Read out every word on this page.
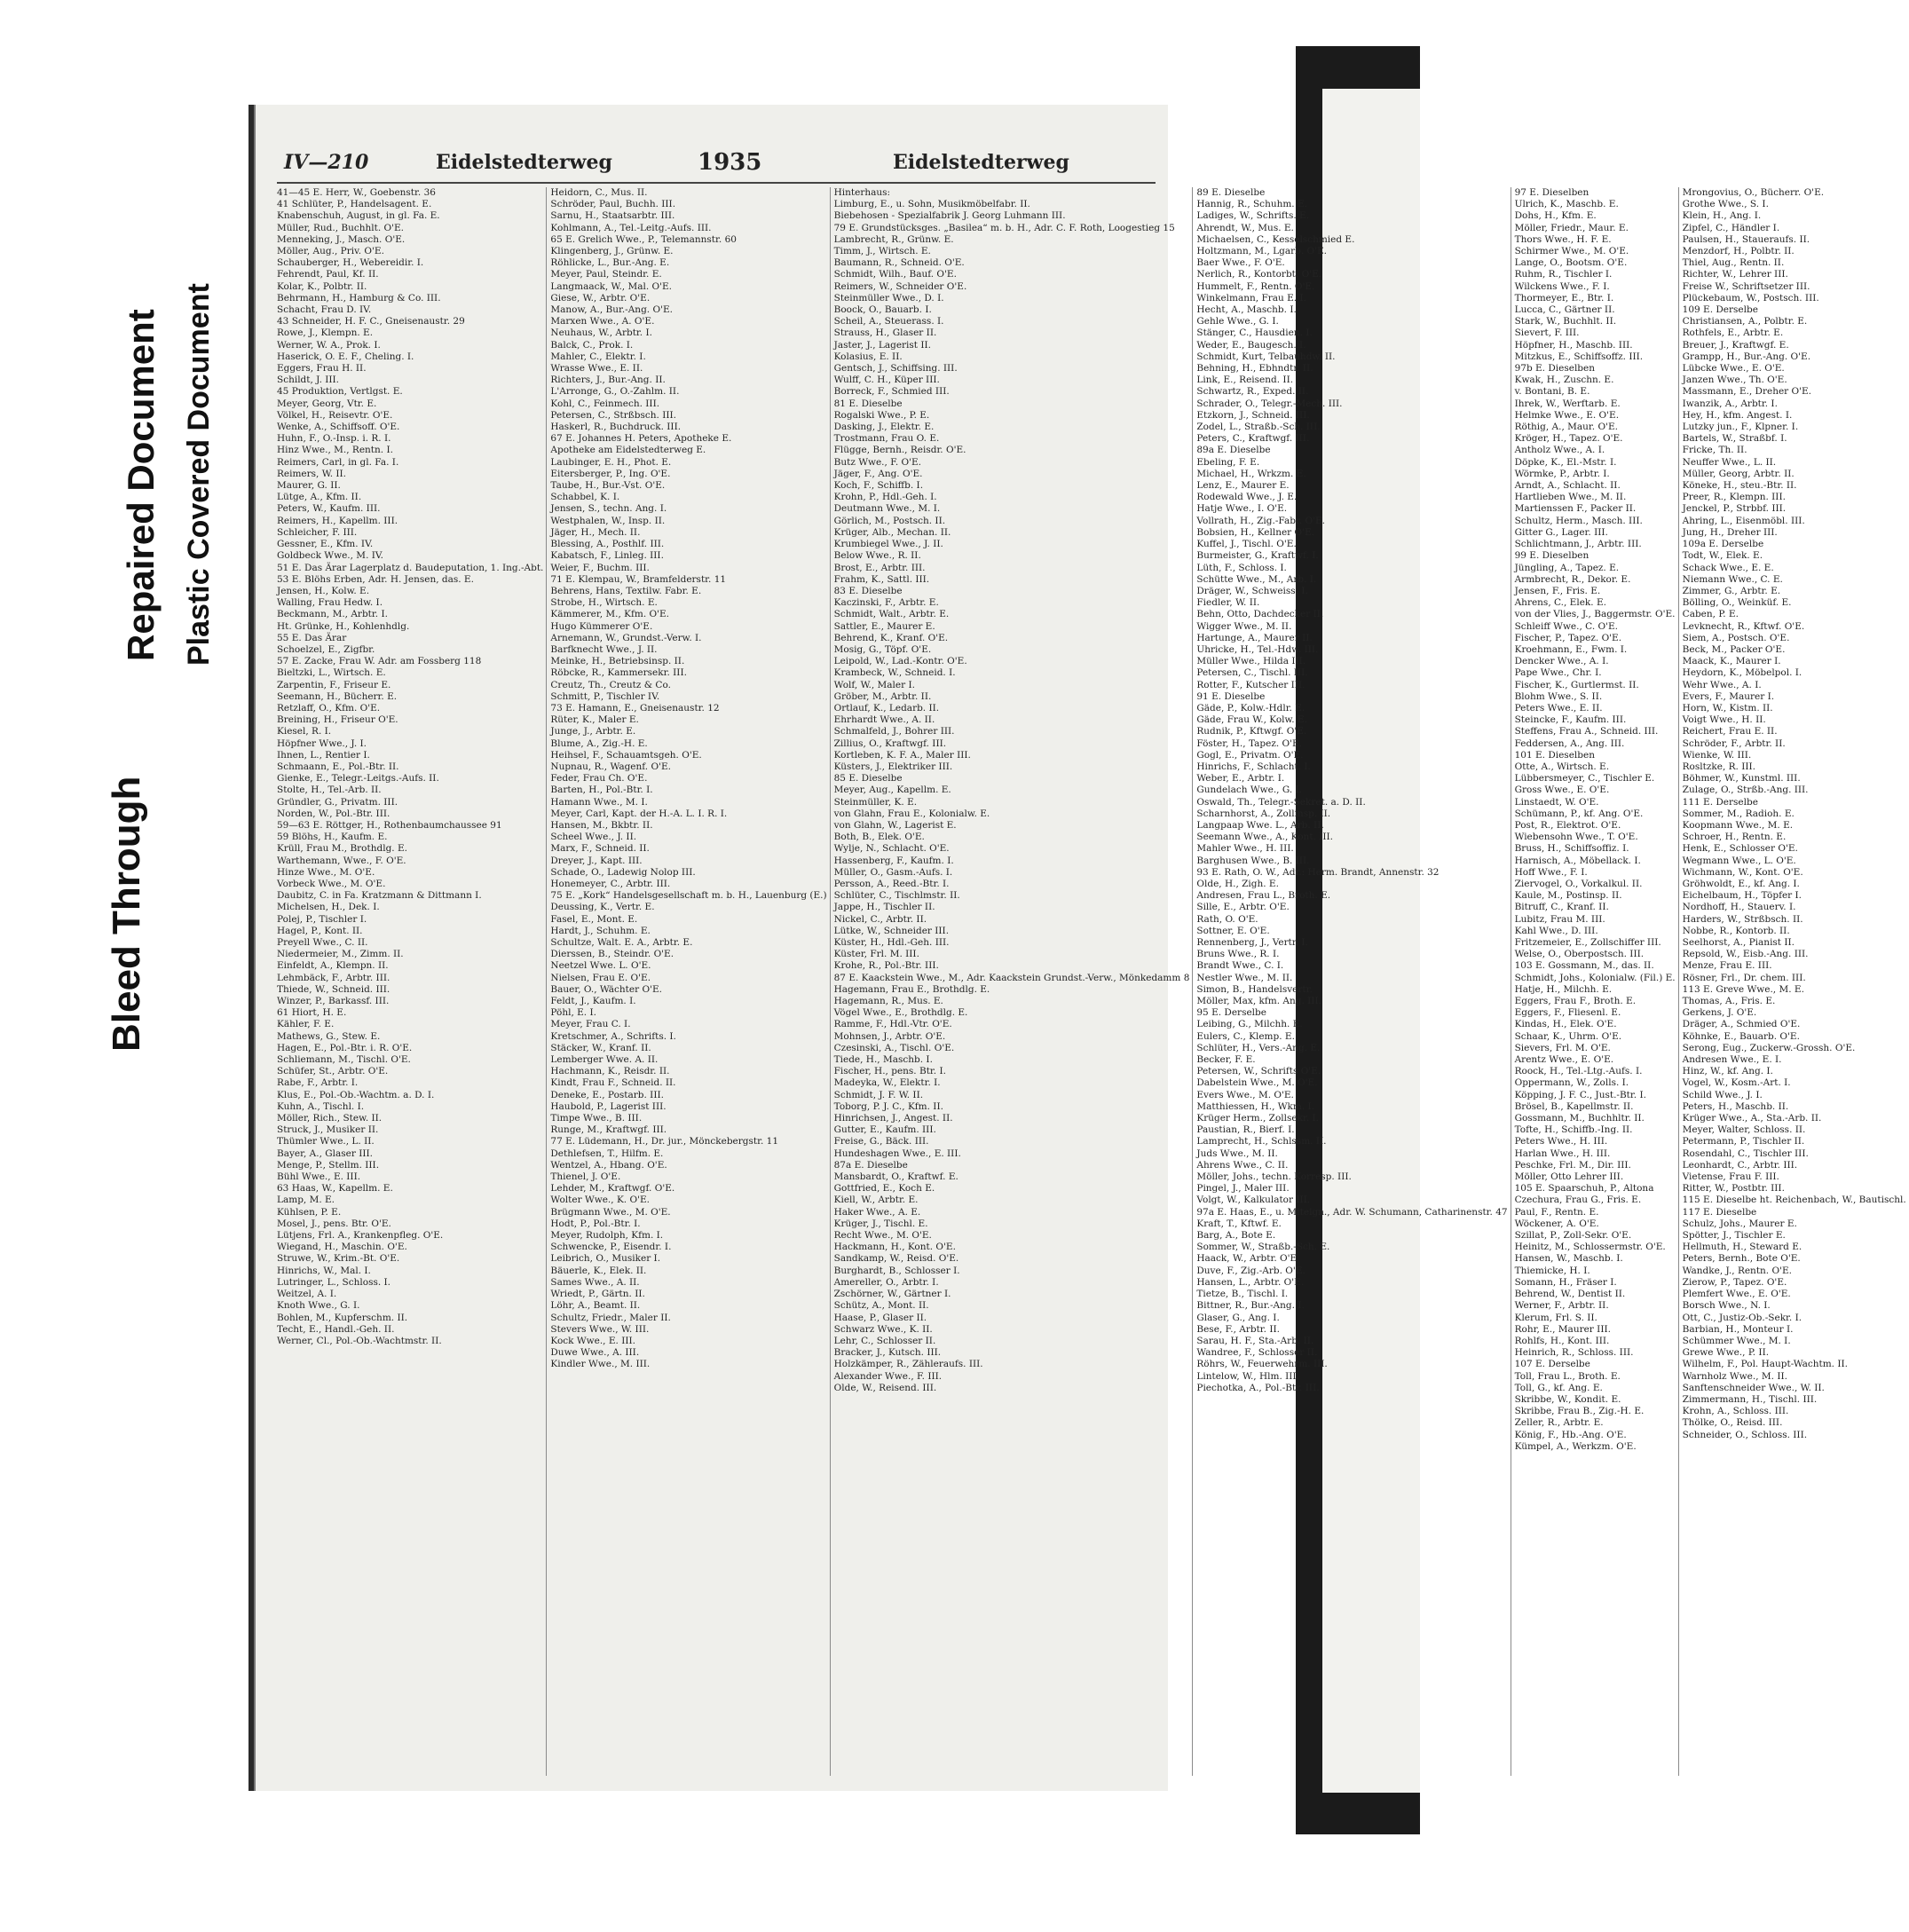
Bleed Through
Repaired Document Plastic Covered Document
IV—210	Eidelstedterweg	1935	Eidelstedterweg

41—45 E. Herr, W., Goebenstr. 36

41 Schlüter, P., Handelsagent. E.

Knabenschuh, August, in gl. Fa. E.

Müller, Rud., Buchhlt. O'E.

Menneking, J., Masch. O'E.

Möller, Aug., Priv. O'E.

Schauberger, H., Webereidir. I.

Fehrendt, Paul, Kf. II.

Kolar, K., Polbtr. II.

Behrmann, H., Hamburg & Co. III.

Schacht, Frau D. IV.

43 Schneider, H. F. C., Gneisenaustr. 29

Rowe, J., Klempn. E.

Werner, W. A., Prok. I.

Haserick, O. E. F., Cheling. I.

Eggers, Frau H. II.

Schildt, J. III.

45 Produktion, Vertlgst. E.

Meyer, Georg, Vtr. E.

Völkel, H., Reisevtr. O'E.

Wenke, A., Schiffsoff. O'E.

Huhn, F., O.-Insp. i. R. I.

Hinz Wwe., M., Rentn. I.

Reimers, Carl, in gl. Fa. I.

Reimers, W. II.

Maurer, G. II.

Lütge, A., Kfm. II.

Peters, W., Kaufm. III.

Reimers, H., Kapellm. III.

Schleicher, F. III.

Gessner, E., Kfm. IV.

Goldbeck Wwe., M. IV.

51 E. Das Ärar Lagerplatz d. Baudeputation, 1. Ing.-Abt.

53 E. Blöhs Erben, Adr. H. Jensen, das. E.

Jensen, H., Kolw. E.

Walling, Frau Hedw. I.

Beckmann, M., Arbtr. I.

Ht. Grünke, H., Kohlenhdlg.

55 E. Das Ärar

Schoelzel, E., Zigfbr.

57 E. Zacke, Frau W. Adr. am Fossberg 118

Bieltzki, L., Wirtsch. E.

Zarpentin, F., Friseur E.

Seemann, H., Bücherr. E.

Retzlaff, O., Kfm. O'E.

Breining, H., Friseur O'E.

Kiesel, R. I.

Höpfner Wwe., J. I.

Ihnen, L., Rentier I.

Schmaann, E., Pol.-Btr. II.

Gienke, E., Telegr.-Leitgs.-Aufs. II.

Stolte, H., Tel.-Arb. II.

Gründler, G., Privatm. III.

Norden, W., Pol.-Btr. III.

59—63 E. Röttger, H., Rothenbaumchaussee 91

59 Blöhs, H., Kaufm. E.

Krüll, Frau M., Brothdlg. E.

Warthemann, Wwe., F. O'E.

Hinze Wwe., M. O'E.

Vorbeck Wwe., M. O'E.

Daubitz, C. in Fa. Kratzmann & Dittmann I.

Michelsen, H., Dek. I.

Polej, P., Tischler I.

Hagel, P., Kont. II.

Preyell Wwe., C. II.

Niedermeier, M., Zimm. II.

Einfeldt, A., Klempn. II.

Lehmbäck, F., Arbtr. III.

Thiede, W., Schneid. III.

Winzer, P., Barkassf. III.

61 Hiort, H. E.

Kähler, F. E.

Mathews, G., Stew. E.

Hagen, E., Pol.-Btr. i. R. O'E.

Schliemann, M., Tischl. O'E.

Schüfer, St., Arbtr. O'E.

Rabe, F., Arbtr. I.

Klus, E., Pol.-Ob.-Wachtm. a. D. I.

Kuhn, A., Tischl. I.

Möller, Rich., Stew. II.

Struck, J., Musiker II.

Thümler Wwe., L. II.

Bayer, A., Glaser III.

Menge, P., Stellm. III.

Bühl Wwe., E. III.

63 Haas, W., Kapellm. E.

Lamp, M. E.

Kühlsen, P. E.

Mosel, J., pens. Btr. O'E.

Lütjens, Frl. A., Krankenpfleg. O'E.

Wiegand, H., Maschin. O'E.

Struwe, W., Krim.-Bt. O'E.

Hinrichs, W., Mal. I.

Lutringer, L., Schloss. I.

Weitzel, A. I.

Knoth Wwe., G. I.

Bohlen, M., Kupferschm. II.

Techt, E., Handl.-Geh. II.

Werner, Cl., Pol.-Ob.-Wachtmstr. II.

Heidorn, C., Mus. II.

Schröder, Paul, Buchh. III.

Sarnu, H., Staatsarbtr. III.

Kohlmann, A., Tel.-Leitg.-Aufs. III.

65 E. Grelich Wwe., P., Telemannstr. 60

Klingenberg, J., Grünw. E.

Röhlicke, L., Bur.-Ang. E.

Meyer, Paul, Steindr. E.

Langmaack, W., Mal. O'E.

Giese, W., Arbtr. O'E.

Manow, A., Bur.-Ang. O'E.

Marxen Wwe., A. O'E.

Neuhaus, W., Arbtr. I.

Balck, C., Prok. I.

Mahler, C., Elektr. I.

Wrasse Wwe., E. II.

Richters, J., Bur.-Ang. II.

L'Arronge, G., O.-Zahlm. II.

Kohl, C., Feinmech. III.

Petersen, C., Strßbsch. III.

Haskerl, R., Buchdruck. III.

67 E. Johannes H. Peters, Apotheke E.

Apotheke am Eidelstedterweg E.

Laubinger, E. H., Phot. E.

Eitersberger, P., Ing. O'E.

Taube, H., Bur.-Vst. O'E.

Schabbel, K. I.

Jensen, S., techn. Ang. I.

Westphalen, W., Insp. II.

Jäger, H., Mech. II.

Blessing, A., Posthlf. III.

Kabatsch, F., Linleg. III.

Weier, F., Buchm. III.

71 E. Klempau, W., Bramfelderstr. 11

Behrens, Hans, Textilw. Fabr. E.

Strobe, H., Wirtsch. E.

Kämmerer, M., Kfm. O'E.

Hugo Kümmerer O'E.

Arnemann, W., Grundst.-Verw. I.

Barfknecht Wwe., J. II.

Meinke, H., Betriebsinsp. II.

Röbcke, R., Kammersekr. III.

Creutz, Th., Creutz & Co.

Schmitt, P., Tischler IV.

73 E. Hamann, E., Gneisenaustr. 12

Rüter, K., Maler E.

Junge, J., Arbtr. E.

Blume, A., Zig.-H. E.

Heihsel, F., Schauamtsgeh. O'E.

Nupnau, R., Wagenf. O'E.

Feder, Frau Ch. O'E.

Barten, H., Pol.-Btr. I.

Hamann Wwe., M. I.

Meyer, Carl, Kapt. der H.-A. L. I. R. I.

Hansen, M., Bkbtr. II.

Scheel Wwe., J. II.

Marx, F., Schneid. II.

Dreyer, J., Kapt. III.

Schade, O., Ladewig Nolop III.

Honemeyer, C., Arbtr. III.

75 E. „Kork“ Handelsgesellschaft m. b. H., Lauenburg (E.)

Deussing, K., Vertr. E.

Fasel, E., Mont. E.

Hardt, J., Schuhm. E.

Schultze, Walt. E. A., Arbtr. E.

Dierssen, B., Steindr. O'E.

Neetzel Wwe. L. O'E.

Nielsen, Frau E. O'E.

Bauer, O., Wächter O'E.

Feldt, J., Kaufm. I.

Pöhl, E. I.

Meyer, Frau C. I.

Kretschmer, A., Schrifts. I.

Stäcker, W., Kranf. II.

Lemberger Wwe. A. II.

Hachmann, K., Reisdr. II.

Kindt, Frau F., Schneid. II.

Deneke, E., Postarb. III.

Haubold, P., Lagerist III.

Timpe Wwe., B. III.

Runge, M., Kraftwgf. III.

77 E. Lüdemann, H., Dr. jur., Mönckebergstr. 11

Dethlefsen, T., Hilfm. E.

Wentzel, A., Hbang. O'E.

Thienel, J. O'E.

Lehder, M., Kraftwgf. O'E.

Wolter Wwe., K. O'E.

Brügmann Wwe., M. O'E.

Hodt, P., Pol.-Btr. I.

Meyer, Rudolph, Kfm. I.

Schwencke, P., Eisendr. I.

Leibrich, O., Musiker I.

Bäuerle, K., Elek. II.

Sames Wwe., A. II.

Wriedt, P., Gärtn. II.

Löhr, A., Beamt. II.

Schultz, Friedr., Maler II.

Stevers Wwe., W. III.

Kock Wwe., E. III.

Duwe Wwe., A. III.

Kindler Wwe., M. III.

Hinterhaus:

Limburg, E., u. Sohn, Musikmöbelfabr. II.

Biebehosen - Spezialfabrik J. Georg Luhmann III.

79 E. Grundstücksges. „Basilea“ m. b. H., Adr. C. F. Roth, Loogestieg 15

Lambrecht, R., Grünw. E.

Timm, J., Wirtsch. E.

Baumann, R., Schneid. O'E.

Schmidt, Wilh., Bauf. O'E.

Reimers, W., Schneider O'E.

Steinmüller Wwe., D. I.

Boock, O., Bauarb. I.

Scheil, A., Steuerass. I.

Strauss, H., Glaser II.

Jaster, J., Lagerist II.

Kolasius, E. II.

Gentsch, J., Schiffsing. III.

Wulff, C. H., Küper III.

Borreck, F., Schmied III.

81 E. Dieselbe

Rogalski Wwe., P. E.

Dasking, J., Elektr. E.

Trostmann, Frau O. E.

Flügge, Bernh., Reisdr. O'E.

Butz Wwe., F. O'E.

Jäger, F., Ang. O'E.

Koch, F., Schiffb. I.

Krohn, P., Hdl.-Geh. I.

Deutmann Wwe., M. I.

Görlich, M., Postsch. II.

Krüger, Alb., Mechan. II.

Krumbiegel Wwe., J. II.

Below Wwe., R. II.

Brost, E., Arbtr. III.

Frahm, K., Sattl. III.

83 E. Dieselbe

Kaczinski, F., Arbtr. E.

Schmidt, Walt., Arbtr. E.

Sattler, E., Maurer E.

Behrend, K., Kranf. O'E.

Mosig, G., Töpf. O'E.

Leipold, W., Lad.-Kontr. O'E.

Krambeck, W., Schneid. I.

Wolf, W., Maler I.

Gröber, M., Arbtr. II.

Ortlauf, K., Ledarb. II.

Ehrhardt Wwe., A. II.

Schmalfeld, J., Bohrer III.

Zillius, O., Kraftwgf. III.

Kortleben, K. F. A., Maler III.

Küsters, J., Elektriker III.

85 E. Dieselbe

Meyer, Aug., Kapellm. E.

Steinmüller, K. E.

von Glahn, Frau E., Kolonialw. E.

von Glahn, W., Lagerist E.

Both, B., Elek. O'E.

Wylje, N., Schlacht. O'E.

Hassenberg, F., Kaufm. I.

Müller, O., Gasm.-Aufs. I.

Persson, A., Reed.-Btr. I.

Schlüter, C., Tischlmstr. II.

Jappe, H., Tischler II.

Nickel, C., Arbtr. II.

Lütke, W., Schneider III.

Küster, H., Hdl.-Geh. III.

Küster, Frl. M. III.

Krohe, R., Pol.-Btr. III.

87 E. Kaackstein Wwe., M., Adr. Kaackstein Grundst.-Verw., Mönkedamm 8

Hagemann, Frau E., Brothdlg. E.

Hagemann, R., Mus. E.

Vögel Wwe., E., Brothdlg. E.

Ramme, F., Hdl.-Vtr. O'E.

Mohnsen, J., Arbtr. O'E.

Czesinski, A., Tischl. O'E.

Tiede, H., Maschb. I.

Fischer, H., pens. Btr. I.

Madeyka, W., Elektr. I.

Schmidt, J. F. W. II.

Toborg, P. J. C., Kfm. II.

Hinrichsen, J., Angest. II.

Gutter, E., Kaufm. III.

Freise, G., Bäck. III.

Hundeshagen Wwe., E. III.

87a E. Dieselbe

Mansbardt, O., Kraftwf. E.

Gottfried, E., Koch E.

Kiell, W., Arbtr. E.

Haker Wwe., A. E.

Krüger, J., Tischl. E.

Recht Wwe., M. O'E.

Hackmann, H., Kont. O'E.

Sandkamp, W., Reisd. O'E.

Burghardt, B., Schlosser I.

Amereller, O., Arbtr. I.

Zschörner, W., Gärtner I.

Schütz, A., Mont. II.

Haase, P., Glaser II.

Schwarz Wwe., K. II.

Lehr, C., Schlosser II.

Bracker, J., Kutsch. III.

Holzkämper, R., Zähleraufs. III.

Alexander Wwe., F. III.

Olde, W., Reisend. III.

89 E. Dieselbe

Hannig, R., Schuhm. E.

Ladiges, W., Schrifts. E.

Ahrendt, W., Mus. E.

Michaelsen, C., Kesselschmied E.

Holtzmann, M., Lgarb. O'E.

Baer Wwe., F. O'E.

Nerlich, R., Kontorbt. O'E.

Hummelt, F., Rentn. O'E.

Winkelmann, Frau E. I.

Hecht, A., Maschb. I.

Gehle Wwe., G. I.

Stänger, C., Hausdien. I.

Weder, E., Baugesch. I.

Schmidt, Kurt, Telbauhdw. II.

Behning, H., Ebhndtr. II.

Link, E., Reisend. II.

Schwartz, R., Exped. II.

Schrader, O., Telegr.-Mech. III.

Etzkorn, J., Schneid. III.

Zodel, L., Straßb.-Sch. III.

Peters, C., Kraftwgf. III.

89a E. Dieselbe

Ebeling, F. E.

Michael, H., Wrkzm. E.

Lenz, E., Maurer E.

Rodewald Wwe., J. E.

Hatje Wwe., I. O'E.

Vollrath, H., Zig.-Fabr. O'E.

Bobsien, H., Kellner O'E.

Kuffel, J., Tischl. O'E.

Burmeister, G., Kraftwf. I.

Lüth, F., Schloss. I.

Schütte Wwe., M., Arb. I.

Dräger, W., Schweiss. I.

Fiedler, W. II.

Behn, Otto, Dachdecker II.

Wigger Wwe., M. II.

Hartunge, A., Maurer II.

Uhricke, H., Tel.-Hdw. III.

Müller Wwe., Hilda III.

Petersen, C., Tischl. III.

Rotter, F., Kutscher III.

91 E. Dieselbe

Gäde, P., Kolw.-Hdlr. E.

Gäde, Frau W., Kolw. E.

Rudnik, P., Kftwgf. O'E.

Föster, H., Tapez. O'E.

Gogl, E., Privatm. O'E.

Hinrichs, F., Schlacht. I.

Weber, E., Arbtr. I.

Gundelach Wwe., G. I.

Oswald, Th., Telegr.-Sekret. a. D. II.

Scharnhorst, A., Zollinsp. II.

Langpaap Wwe. L., Arb. II.

Seemann Wwe., A., Kont. III.

Mahler Wwe., H. III.

Barghusen Wwe., B. III.

93 E. Rath, O. W., Adr.: Herm. Brandt, Annenstr. 32

Olde, H., Zigh. E.

Andresen, Frau L., Broth. E.

Sille, E., Arbtr. O'E.

Rath, O. O'E.

Sottner, E. O'E.

Rennenberg, J., Vertr. I.

Bruns Wwe., R. I.

Brandt Wwe., C. I.

Nestler Wwe., M. II.

Simon, B., Handelsvertr.

Möller, Max, kfm. Ang. III.

95 E. Derselbe

Leibing, G., Milchh. E.

Eulers, C., Klemp. E.

Schlüter, H., Vers.-Ang. E.

Becker, F. E.

Petersen, W., Schrifts O'E.

Dabelstein Wwe., M. O'E.

Evers Wwe., M. O'E.

Matthiessen, H., Wkm. I.

Krüger Herm., Zollsekr. I.

Paustian, R., Bierf. I.

Lamprecht, H., Schlssm. II.

Juds Wwe., M. II.

Ahrens Wwe., C. II.

Möller, Johs., techn. Korresp. III.

Pingel, J., Maler III.

Volgt, W., Kalkulator III.

97a E. Haas, E., u. Miteign., Adr. W. Schumann, Catharinenstr. 47

Kraft, T., Kftwf. E.

Barg, A., Bote E.

Sommer, W., Straßb.-Sch. E.

Haack, W., Arbtr. O'E.

Duve, F., Zig.-Arb. O'E.

Hansen, L., Arbtr. O'E.

Tietze, B., Tischl. I.

Bittner, R., Bur.-Ang. I.

Glaser, G., Ang. I.

Bese, F., Arbtr. II.

Sarau, H. F., Sta.-Arb. II.

Wandree, F., Schlosser II.

Röhrs, W., Feuerwehrm. III.

Lintelow, W., Hlm. III.

Piechotka, A., Pol.-Btr. III.

97 E. Dieselben

Ulrich, K., Maschb. E.

Dohs, H., Kfm. E.

Möller, Friedr., Maur. E.

Thors Wwe., H. F. E.

Schirmer Wwe., M. O'E.

Lange, O., Bootsm. O'E.

Ruhm, R., Tischler I.

Wilckens Wwe., F. I.

Thormeyer, E., Btr. I.

Lucca, C., Gärtner II.

Stark, W., Buchhlt. II.

Sievert, F. III.

Höpfner, H., Maschb. III.

Mitzkus, E., Schiffsoffz. III.

97b E. Dieselben

Kwak, H., Zuschn. E.

v. Bontani, B. E.

Ihrek, W., Werftarb. E.

Helmke Wwe., E. O'E.

Röthig, A., Maur. O'E.

Kröger, H., Tapez. O'E.

Antholz Wwe., A. I.

Döpke, K., El.-Mstr. I.

Wörmke, P., Arbtr. I.

Arndt, A., Schlacht. II.

Hartlieben Wwe., M. II.

Martienssen F., Packer II.

Schultz, Herm., Masch. III.

Gitter G., Lager. III.

Schlichtmann, J., Arbtr. III.

99 E. Dieselben

Jüngling, A., Tapez. E.

Armbrecht, R., Dekor. E.

Jensen, F., Fris. E.

Ahrens, C., Elek. E.

von der Vlies, J., Baggermstr. O'E.

Schleiff Wwe., C. O'E.

Fischer, P., Tapez. O'E.

Kroehmann, E., Fwm. I.

Dencker Wwe., A. I.

Pape Wwe., Chr. I.

Fischer, K., Gurtlermst. II.

Blohm Wwe., S. II.

Peters Wwe., E. II.

Steincke, F., Kaufm. III.

Steffens, Frau A., Schneid. III.

Feddersen, A., Ang. III.

101 E. Dieselben

Otte, A., Wirtsch. E.

Lübbersmeyer, C., Tischler E.

Gross Wwe., E. O'E.

Linstaedt, W. O'E.

Schümann, P., kf. Ang. O'E.

Post, R., Elektrot. O'E.

Wiebensohn Wwe., T. O'E.

Bruss, H., Schiffsoffiz. I.

Harnisch, A., Möbellack. I.

Hoff Wwe., F. I.

Ziervogel, O., Vorkalkul. II.

Kaule, M., Postinsp. II.

Bitruff, C., Kranf. II.

Lubitz, Frau M. III.

Kahl Wwe., D. III.

Fritzemeier, E., Zollschiffer III.

Welse, O., Oberpostsch. III.

103 E. Gossmann, M., das. II.

Schmidt, Johs., Kolonialw. (Fil.) E.

Hatje, H., Milchh. E.

Eggers, Frau F., Broth. E.

Eggers, F., Fliesenl. E.

Kindas, H., Elek. O'E.

Schaar, K., Uhrm. O'E.

Sievers, Frl. M. O'E.

Arentz Wwe., E. O'E.

Roock, H., Tel.-Ltg.-Aufs. I.

Oppermann, W., Zolls. I.

Köpping, J. F. C., Just.-Btr. I.

Brösel, B., Kapellmstr. II.

Gossmann, M., Buchhltr. II.

Tofte, H., Schiffb.-Ing. II.

Peters Wwe., H. III.

Harlan Wwe., H. III.

Peschke, Frl. M., Dir. III.

Möller, Otto Lehrer III.

105 E. Spaarschuh, P., Altona

Czechura, Frau G., Fris. E.

Paul, F., Rentn. E.

Wöckener, A. O'E.

Szillat, P., Zoll-Sekr. O'E.

Heinitz, M., Schlossermstr. O'E.

Hansen, W., Maschb. I.

Thiemicke, H. I.

Somann, H., Fräser I.

Behrend, W., Dentist II.

Werner, F., Arbtr. II.

Klerum, Frl. S. II.

Rohr, E., Maurer III.

Rohlfs, H., Kont. III.

Heinrich, R., Schloss. III.

107 E. Derselbe

Toll, Frau L., Broth. E.

Toll, G., kf. Ang. E.

Skribbe, W., Kondit. E.

Skribbe, Frau B., Zig.-H. E.

Zeller, R., Arbtr. E.

König, F., Hb.-Ang. O'E.

Kümpel, A., Werkzm. O'E.

Mrongovius, O., Bücherr. O'E.

Grothe Wwe., S. I.

Klein, H., Ang. I.

Zipfel, C., Händler I.

Paulsen, H., Staueraufs. II.

Menzdorf, H., Polbtr. II.

Thiel, Aug., Rentn. II.

Richter, W., Lehrer III.

Freise W., Schriftsetzer III.

Plückebaum, W., Postsch. III.

109 E. Derselbe

Christiansen, A., Polbtr. E.

Rothfels, E., Arbtr. E.

Breuer, J., Kraftwgf. E.

Grampp, H., Bur.-Ang. O'E.

Lübcke Wwe., E. O'E.

Janzen Wwe., Th. O'E.

Massmann, E., Dreher O'E.

Iwanzik, A., Arbtr. I.

Hey, H., kfm. Angest. I.

Lutzky jun., F., Klpner. I.

Bartels, W., Straßbf. I.

Fricke, Th. II.

Neuffer Wwe., L. II.

Müller, Georg, Arbtr. II.

Köneke, H., steu.-Btr. II.

Preer, R., Klempn. III.

Jenckel, P., Strbbf. III.

Ahring, L., Eisenmöbl. III.

Jung, H., Dreher III.

109a E. Derselbe

Todt, W., Elek. E.

Schack Wwe., E. E.

Niemann Wwe., C. E.

Zimmer, G., Arbtr. E.

Bölling, O., Weinküf. E.

Caben, P. E.

Levknecht, R., Kftwf. O'E.

Siem, A., Postsch. O'E.

Beck, M., Packer O'E.

Maack, K., Maurer I.

Heydorn, K., Möbelpol. I.

Wehr Wwe., A. I.

Evers, F., Maurer I.

Horn, W., Kistm. II.

Voigt Wwe., H. II.

Reichert, Frau E. II.

Schröder, F., Arbtr. II.

Wienke, W. III.

Rosltzke, R. III.

Böhmer, W., Kunstml. III.

Zulage, O., Strßb.-Ang. III.

111 E. Derselbe

Sommer, M., Radioh. E.

Koopmann Wwe., M. E.

Schroer, H., Rentn. E.

Henk, E., Schlosser O'E.

Wegmann Wwe., L. O'E.

Wichmann, W., Kont. O'E.

Gröhwoldt, E., kf. Ang. I.

Eichelbaum, H., Töpfer I.

Nordhoff, H., Stauerv. I.

Harders, W., Strßbsch. II.

Nobbe, R., Kontorb. II.

Seelhorst, A., Pianist II.

Repsold, W., Eisb.-Ang. III.

Menze, Frau E. III.

Rösner, Frl., Dr. chem. III.

113 E. Greve Wwe., M. E.

Thomas, A., Fris. E.

Gerkens, J. O'E.

Dräger, A., Schmied O'E.

Köhnke, E., Bauarb. O'E.

Serong, Eug., Zuckerw.-Grossh. O'E.

Andresen Wwe., E. I.

Hinz, W., kf. Ang. I.

Vogel, W., Kosm.-Art. I.

Schild Wwe., J. I.

Peters, H., Maschb. II.

Krüger Wwe., A., Sta.-Arb. II.

Meyer, Walter, Schloss. II.

Petermann, P., Tischler II.

Rosendahl, C., Tischler III.

Leonhardt, C., Arbtr. III.

Vietense, Frau F. III.

Ritter, W., Postbtr. III.

115 E. Dieselbe ht. Reichenbach, W., Bautischl.

117 E. Dieselbe

Schulz, Johs., Maurer E.

Spötter, J., Tischler E.

Hellmuth, H., Steward E.

Peters, Bernh., Bote O'E.

Wandke, J., Rentn. O'E.

Zierow, P., Tapez. O'E.

Plemfert Wwe., E. O'E.

Borsch Wwe., N. I.

Ott, C., Justiz-Ob.-Sekr. I.

Barbian, H., Monteur I.

Schümmer Wwe., M. I.

Grewe Wwe., P. II.

Wilhelm, F., Pol. Haupt-Wachtm. II.

Warnholz Wwe., M. II.

Sanftenschneider Wwe., W. II.

Zimmermann, H., Tischl. III.

Krohn, A., Schloss. III.

Thölke, O., Reisd. III.

Schneider, O., Schloss. III.
